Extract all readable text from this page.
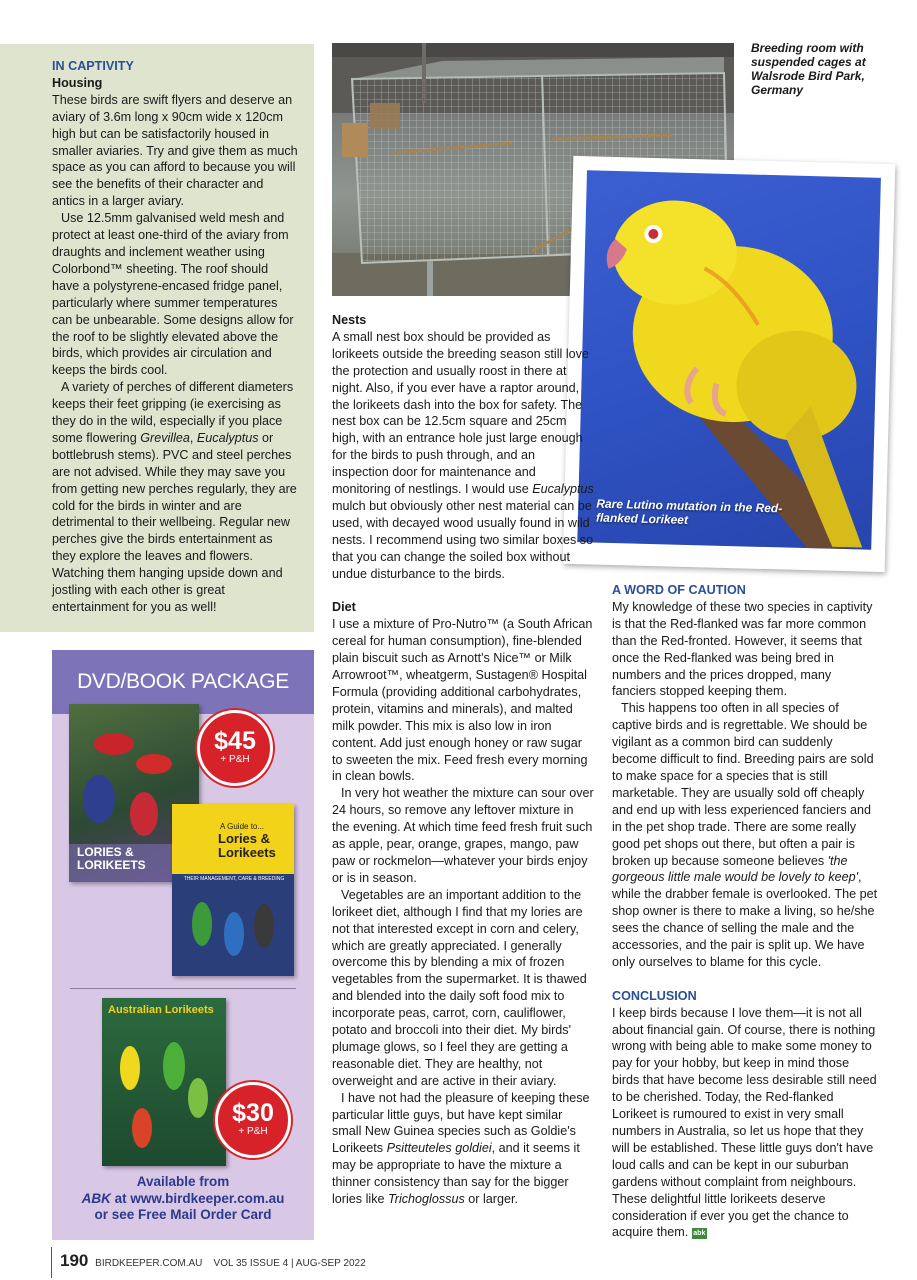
IN CAPTIVITY
Housing

These birds are swift flyers and deserve an aviary of 3.6m long x 90cm wide x 120cm high but can be satisfactorily housed in smaller aviaries. Try and give them as much space as you can afford to because you will see the benefits of their character and antics in a larger aviary.

Use 12.5mm galvanised weld mesh and protect at least one-third of the aviary from draughts and inclement weather using Colorbond™ sheeting. The roof should have a polystyrene-encased fridge panel, particularly where summer temperatures can be unbearable. Some designs allow for the roof to be slightly elevated above the birds, which provides air circulation and keeps the birds cool.

A variety of perches of different diameters keeps their feet gripping (ie exercising as they do in the wild, especially if you place some flowering Grevillea, Eucalyptus or bottlebrush stems). PVC and steel perches are not advised. While they may save you from getting new perches regularly, they are cold for the birds in winter and are detrimental to their wellbeing. Regular new perches give the birds entertainment as they explore the leaves and flowers. Watching them hanging upside down and jostling with each other is great entertainment for you as well!

Breeding room with suspended cages at Walsrode Bird Park, Germany
Rare Lutino mutation in the Red-flanked Lorikeet
Nests

A small nest box should be provided as lorikeets outside the breeding season still love the protection and usually roost in there at night. Also, if you ever have a raptor around, the lorikeets dash into the box for safety. The nest box can be 12.5cm square and 25cm high, with an entrance hole just large enough for the birds to push through, and an inspection door for maintenance and monitoring of nestlings. I would use Eucalyptus mulch but obviously other nest material can be used, with decayed wood usually found in wild nests. I recommend using two similar boxes so that you can change the soiled box without undue disturbance to the birds.

Diet

I use a mixture of Pro-Nutro™ (a South African cereal for human consumption), fine-blended plain biscuit such as Arnott's Nice™ or Milk Arrowroot™, wheatgerm, Sustagen® Hospital Formula (providing additional carbohydrates, protein, vitamins and minerals), and malted milk powder. This mix is also low in iron content. Add just enough honey or raw sugar to sweeten the mix. Feed fresh every morning in clean bowls.

In very hot weather the mixture can sour over 24 hours, so remove any leftover mixture in the evening. At which time feed fresh fruit such as apple, pear, orange, grapes, mango, paw paw or rockmelon—whatever your birds enjoy or is in season.

Vegetables are an important addition to the lorikeet diet, although I find that my lories are not that interested except in corn and celery, which are greatly appreciated. I generally overcome this by blending a mix of frozen vegetables from the supermarket. It is thawed and blended into the daily soft food mix to incorporate peas, carrot, corn, cauliflower, potato and broccoli into their diet. My birds' plumage glows, so I feel they are getting a reasonable diet. They are healthy, not overweight and are active in their aviary.

I have not had the pleasure of keeping these particular little guys, but have kept similar small New Guinea species such as Goldie's Lorikeets Psitteuteles goldiei, and it seems it may be appropriate to have the mixture a thinner consistency than say for the bigger lories like Trichoglossus or larger.

A WORD OF CAUTION

My knowledge of these two species in captivity is that the Red-flanked was far more common than the Red-fronted. However, it seems that once the Red-flanked was being bred in numbers and the prices dropped, many fanciers stopped keeping them.

This happens too often in all species of captive birds and is regrettable. We should be vigilant as a common bird can suddenly become difficult to find. Breeding pairs are sold to make space for a species that is still marketable. They are usually sold off cheaply and end up with less experienced fanciers and in the pet shop trade. There are some really good pet shops out there, but often a pair is broken up because someone believes 'the gorgeous little male would be lovely to keep', while the drabber female is overlooked. The pet shop owner is there to make a living, so he/she sees the chance of selling the male and the accessories, and the pair is split up. We have only ourselves to blame for this cycle.

CONCLUSION

I keep birds because I love them—it is not all about financial gain. Of course, there is nothing wrong with being able to make some money to pay for your hobby, but keep in mind those birds that have become less desirable still need to be cherished. Today, the Red-flanked Lorikeet is rumoured to exist in very small numbers in Australia, so let us hope that they will be established. These little guys don't have loud calls and can be kept in our suburban gardens without complaint from neighbours. These delightful little lorikeets deserve consideration if ever you get the chance to acquire them. abk

DVD/BOOK PACKAGE
LORIES & LORIKEETS
$45
+ P&H
A Guide to...
Lories & Lorikeets
THEIR MANAGEMENT, CARE & BREEDING
Australian Lorikeets
$30
+ P&H
Available from
ABK at www.birdkeeper.com.au
or see Free Mail Order Card
190 BIRDKEEPER.COM.AU VOL 35 ISSUE 4 | AUG-SEP 2022
